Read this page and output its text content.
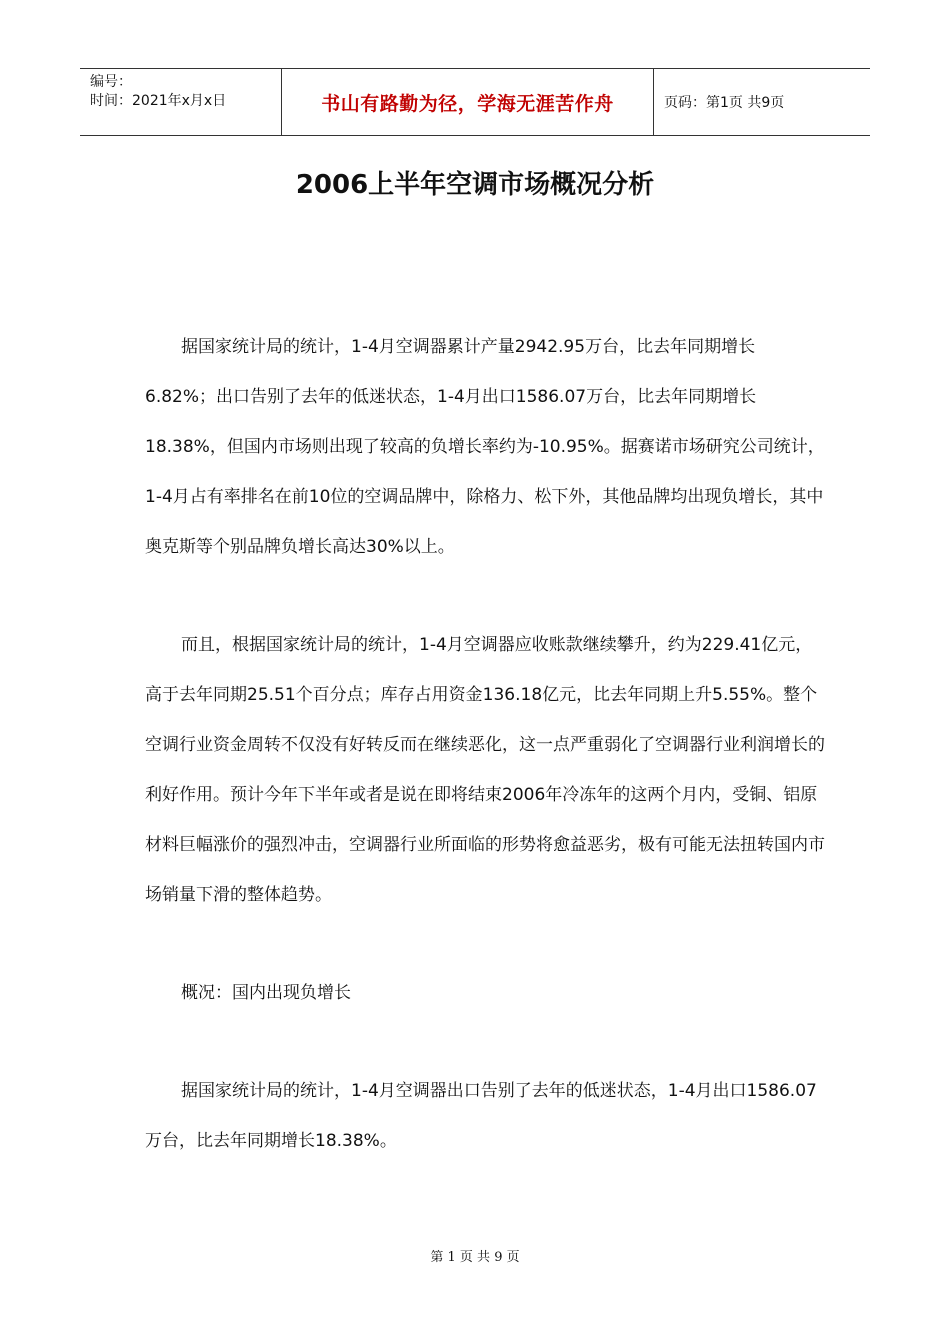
编号：
时间：2021年x月x日	书山有路勤为径，学海无涯苦作舟	页码：第1页 共9页
2006上半年空调市场概况分析

据国家统计局的统计，1-4月空调器累计产量2942.95万台，比去年同期增长6.82%；出口告别了去年的低迷状态，1-4月出口1586.07万台，比去年同期增长18.38%，但国内市场则出现了较高的负增长率约为-10.95%。据赛诺市场研究公司统计，1-4月占有率排名在前10位的空调品牌中，除格力、松下外，其他品牌均出现负增长，其中奥克斯等个别品牌负增长高达30%以上。

而且，根据国家统计局的统计，1-4月空调器应收账款继续攀升，约为229.41亿元，高于去年同期25.51个百分点；库存占用资金136.18亿元，比去年同期上升5.55%。整个空调行业资金周转不仅没有好转反而在继续恶化，这一点严重弱化了空调器行业利润增长的利好作用。预计今年下半年或者是说在即将结束2006年冷冻年的这两个月内，受铜、铝原材料巨幅涨价的强烈冲击，空调器行业所面临的形势将愈益恶劣，极有可能无法扭转国内市场销量下滑的整体趋势。

概况：国内出现负增长

据国家统计局的统计，1-4月空调器出口告别了去年的低迷状态，1-4月出口1586.07万台，比去年同期增长18.38%。

第 1 页 共 9 页
